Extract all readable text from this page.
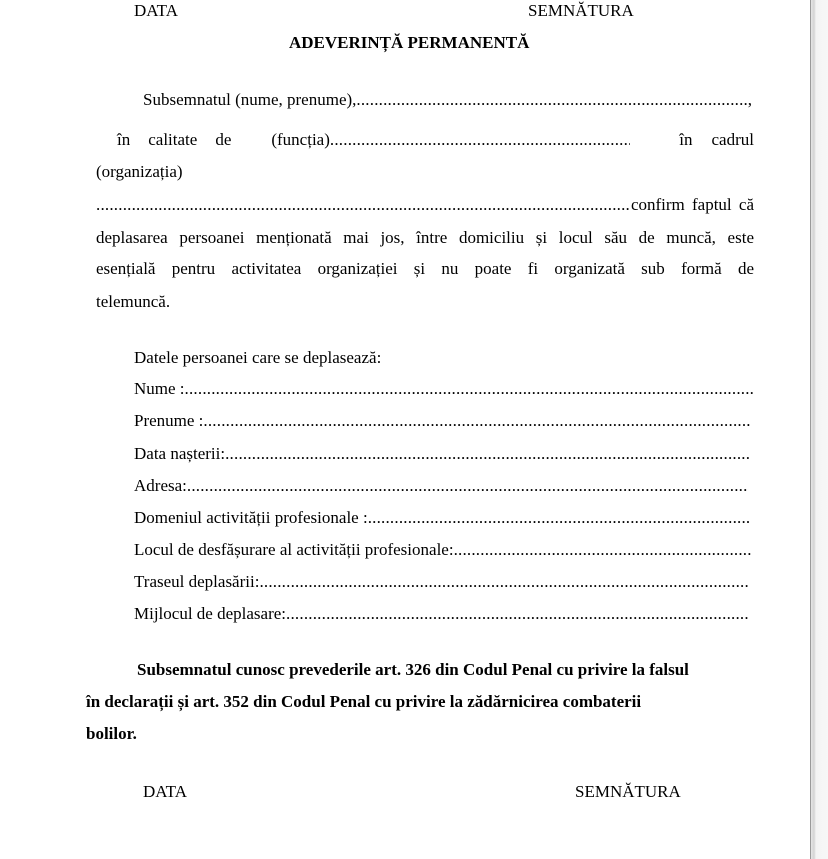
DATA	SEMNĂTURA
ADEVERINȚĂ PERMANENTĂ
Subsemnatul (nume, prenume), .....	,
în calitate de (funcția) .....	în cadrul
(organizația)
.....
confirm faptul că
deplasarea persoanei menționată mai jos, între domiciliu și locul său de muncă, este
esențială pentru activitatea organizației și nu poate fi organizată sub formă de
telemuncă.
Datele persoanei care se deplasează:
Nume :
.....
Prenume :
.....
Data nașterii:
.....
Adresa:
.....
Domeniul activității profesionale :
.....
Locul de desfășurare al activității profesionale:
.....
Traseul deplasării:
.....
Mijlocul de deplasare:
.....
Subsemnatul cunosc prevederile art. 326 din Codul Penal cu privire la falsul
în declarații și art. 352 din Codul Penal cu privire la zădărnicirea combaterii
bolilor.
DATA	SEMNĂTURA
